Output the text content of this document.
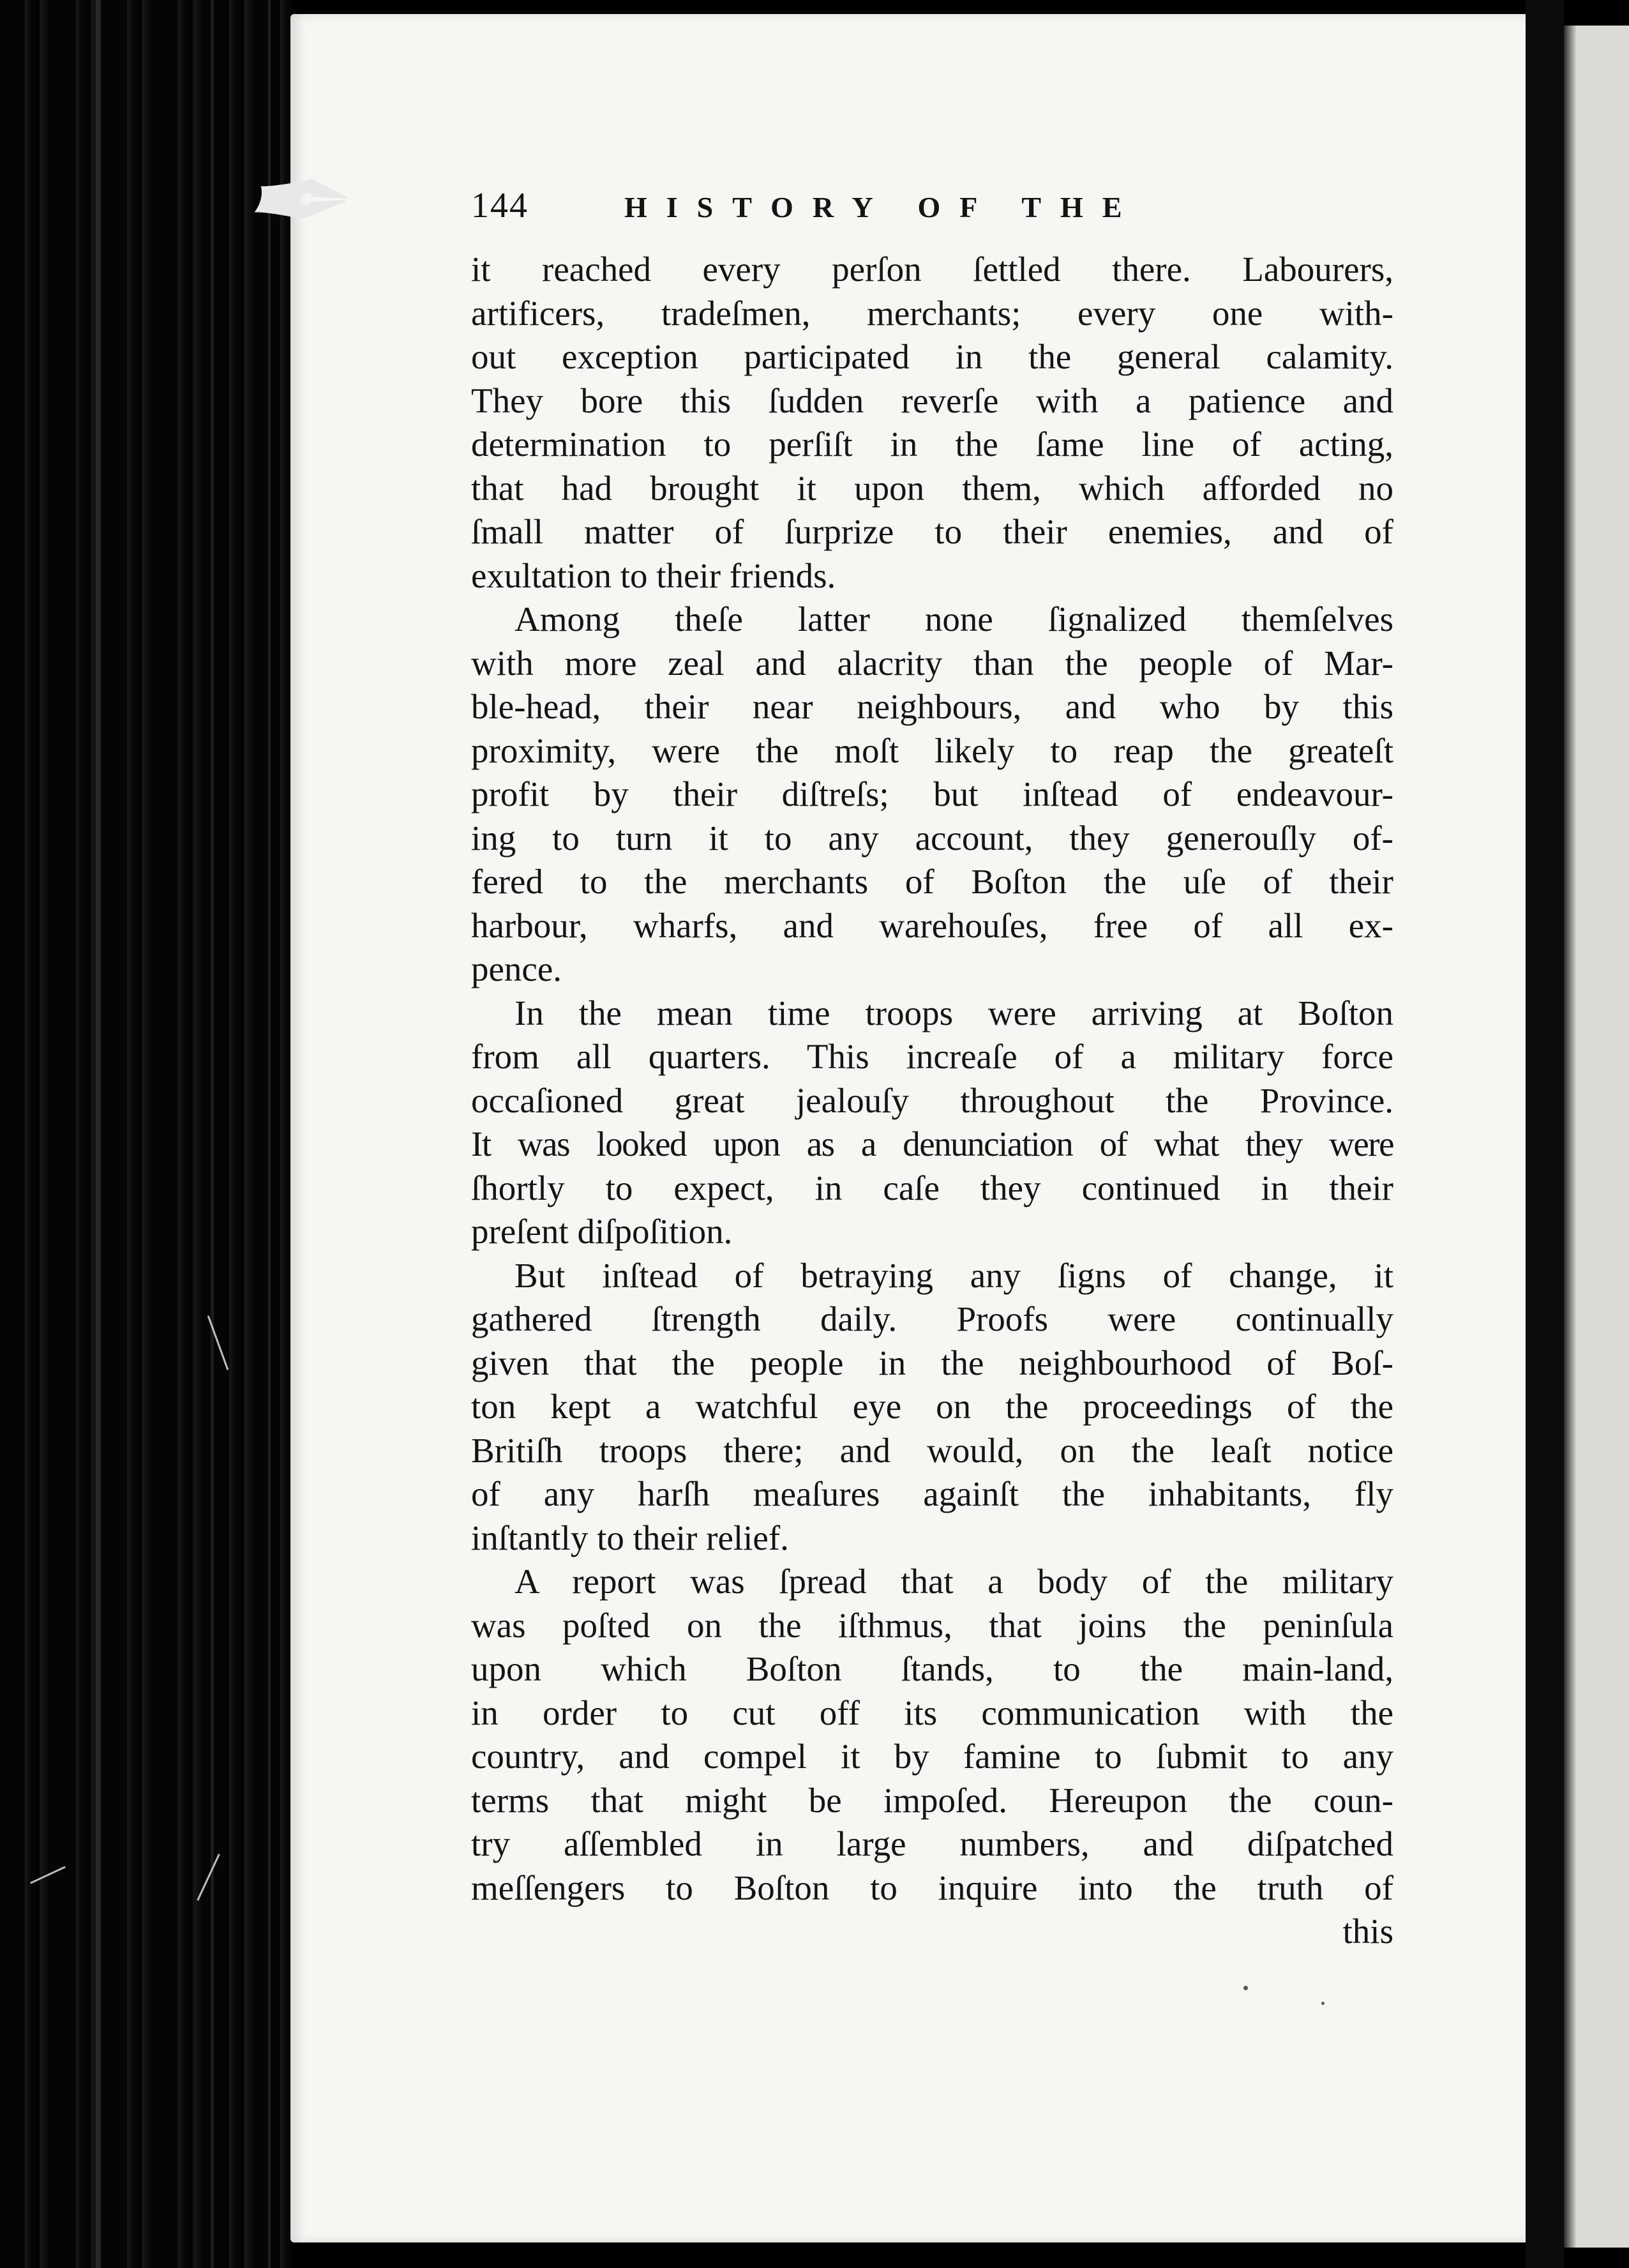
✒	144	HISTORY OF THE
it reached every perſon ſettled there. Labourers,
artificers, tradeſmen, merchants; every one with-
out exception participated in the general calamity.
They bore this ſudden reverſe with a patience and
determination to perſiſt in the ſame line of acting,
that had brought it upon them, which afforded no
ſmall matter of ſurprize to their enemies, and of
exultation to their friends.
Among theſe latter none ſignalized themſelves
with more zeal and alacrity than the people of Mar-
ble-head, their near neighbours, and who by this
proximity, were the moſt likely to reap the greateſt
profit by their diſtreſs; but inſtead of endeavour-
ing to turn it to any account, they generouſly of-
fered to the merchants of Boſton the uſe of their
harbour, wharfs, and warehouſes, free of all ex-
pence.
In the mean time troops were arriving at Boſton
from all quarters. This increaſe of a military force
occaſioned great jealouſy throughout the Province.
It was looked upon as a denunciation of what they were
ſhortly to expect, in caſe they continued in their
preſent diſpoſition.
But inſtead of betraying any ſigns of change, it
gathered ſtrength daily. Proofs were continually
given that the people in the neighbourhood of Boſ-
ton kept a watchful eye on the proceedings of the
Britiſh troops there; and would, on the leaſt notice
of any harſh meaſures againſt the inhabitants, fly
inſtantly to their relief.
A report was ſpread that a body of the military
was poſted on the iſthmus, that joins the peninſula
upon which Boſton ſtands, to the main-land,
in order to cut off its communication with the
country, and compel it by famine to ſubmit to any
terms that might be impoſed. Hereupon the coun-
try aſſembled in large numbers, and diſpatched
meſſengers to Boſton to inquire into the truth of
this
